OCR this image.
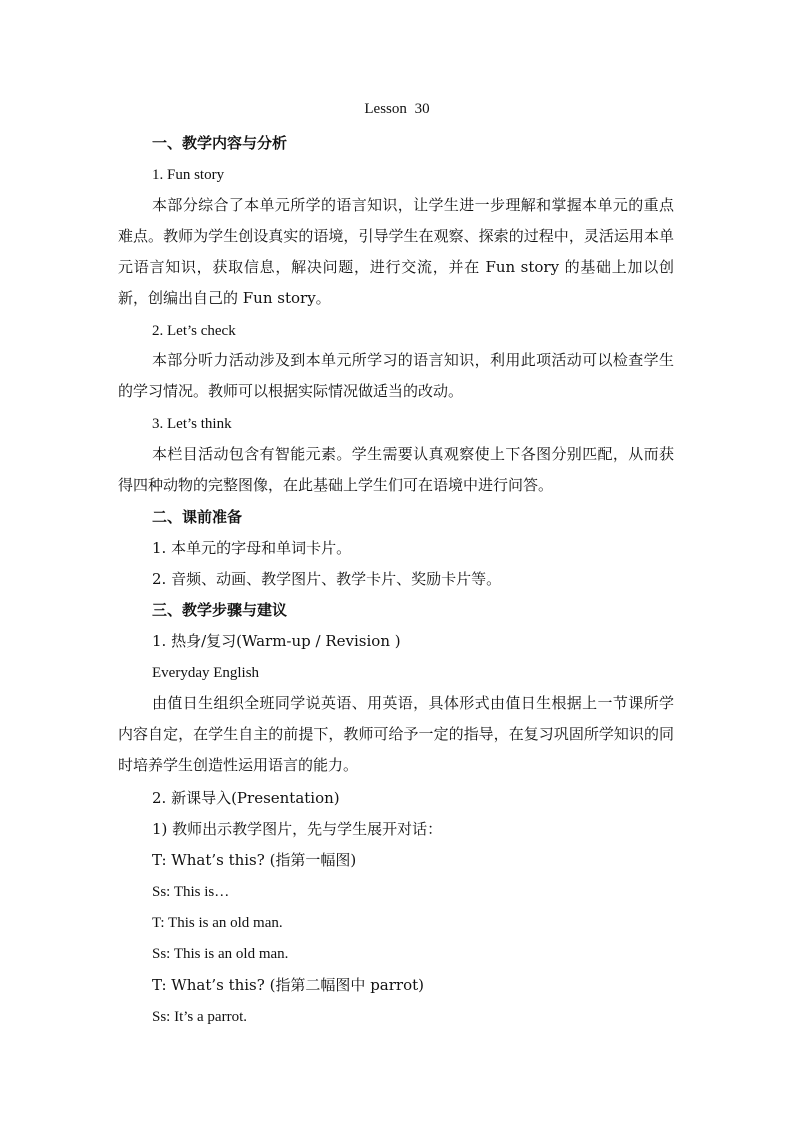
Lesson 30
一、教学内容与分析
1. Fun story
本部分综合了本单元所学的语言知识，让学生进一步理解和掌握本单元的重点难点。教师为学生创设真实的语境，引导学生在观察、探索的过程中，灵活运用本单元语言知识，获取信息，解决问题，进行交流，并在 Fun story 的基础上加以创新，创编出自己的 Fun story。
2. Let’s check
本部分听力活动涉及到本单元所学习的语言知识，利用此项活动可以检查学生的学习情况。教师可以根据实际情况做适当的改动。
3. Let’s think
本栏目活动包含有智能元素。学生需要认真观察使上下各图分别匹配，从而获得四种动物的完整图像，在此基础上学生们可在语境中进行问答。
二、课前准备
1. 本单元的字母和单词卡片。
2. 音频、动画、教学图片、教学卡片、奖励卡片等。
三、教学步骤与建议
1. 热身/复习(Warm-up / Revision )
Everyday English
由值日生组织全班同学说英语、用英语，具体形式由值日生根据上一节课所学内容自定，在学生自主的前提下，教师可给予一定的指导，在复习巩固所学知识的同时培养学生创造性运用语言的能力。
2. 新课导入(Presentation)
1) 教师出示教学图片，先与学生展开对话：
T: What’s this? (指第一幅图)
Ss: This is…
T: This is an old man.
Ss: This is an old man.
T: What’s this? (指第二幅图中 parrot)
Ss: It’s a parrot.
